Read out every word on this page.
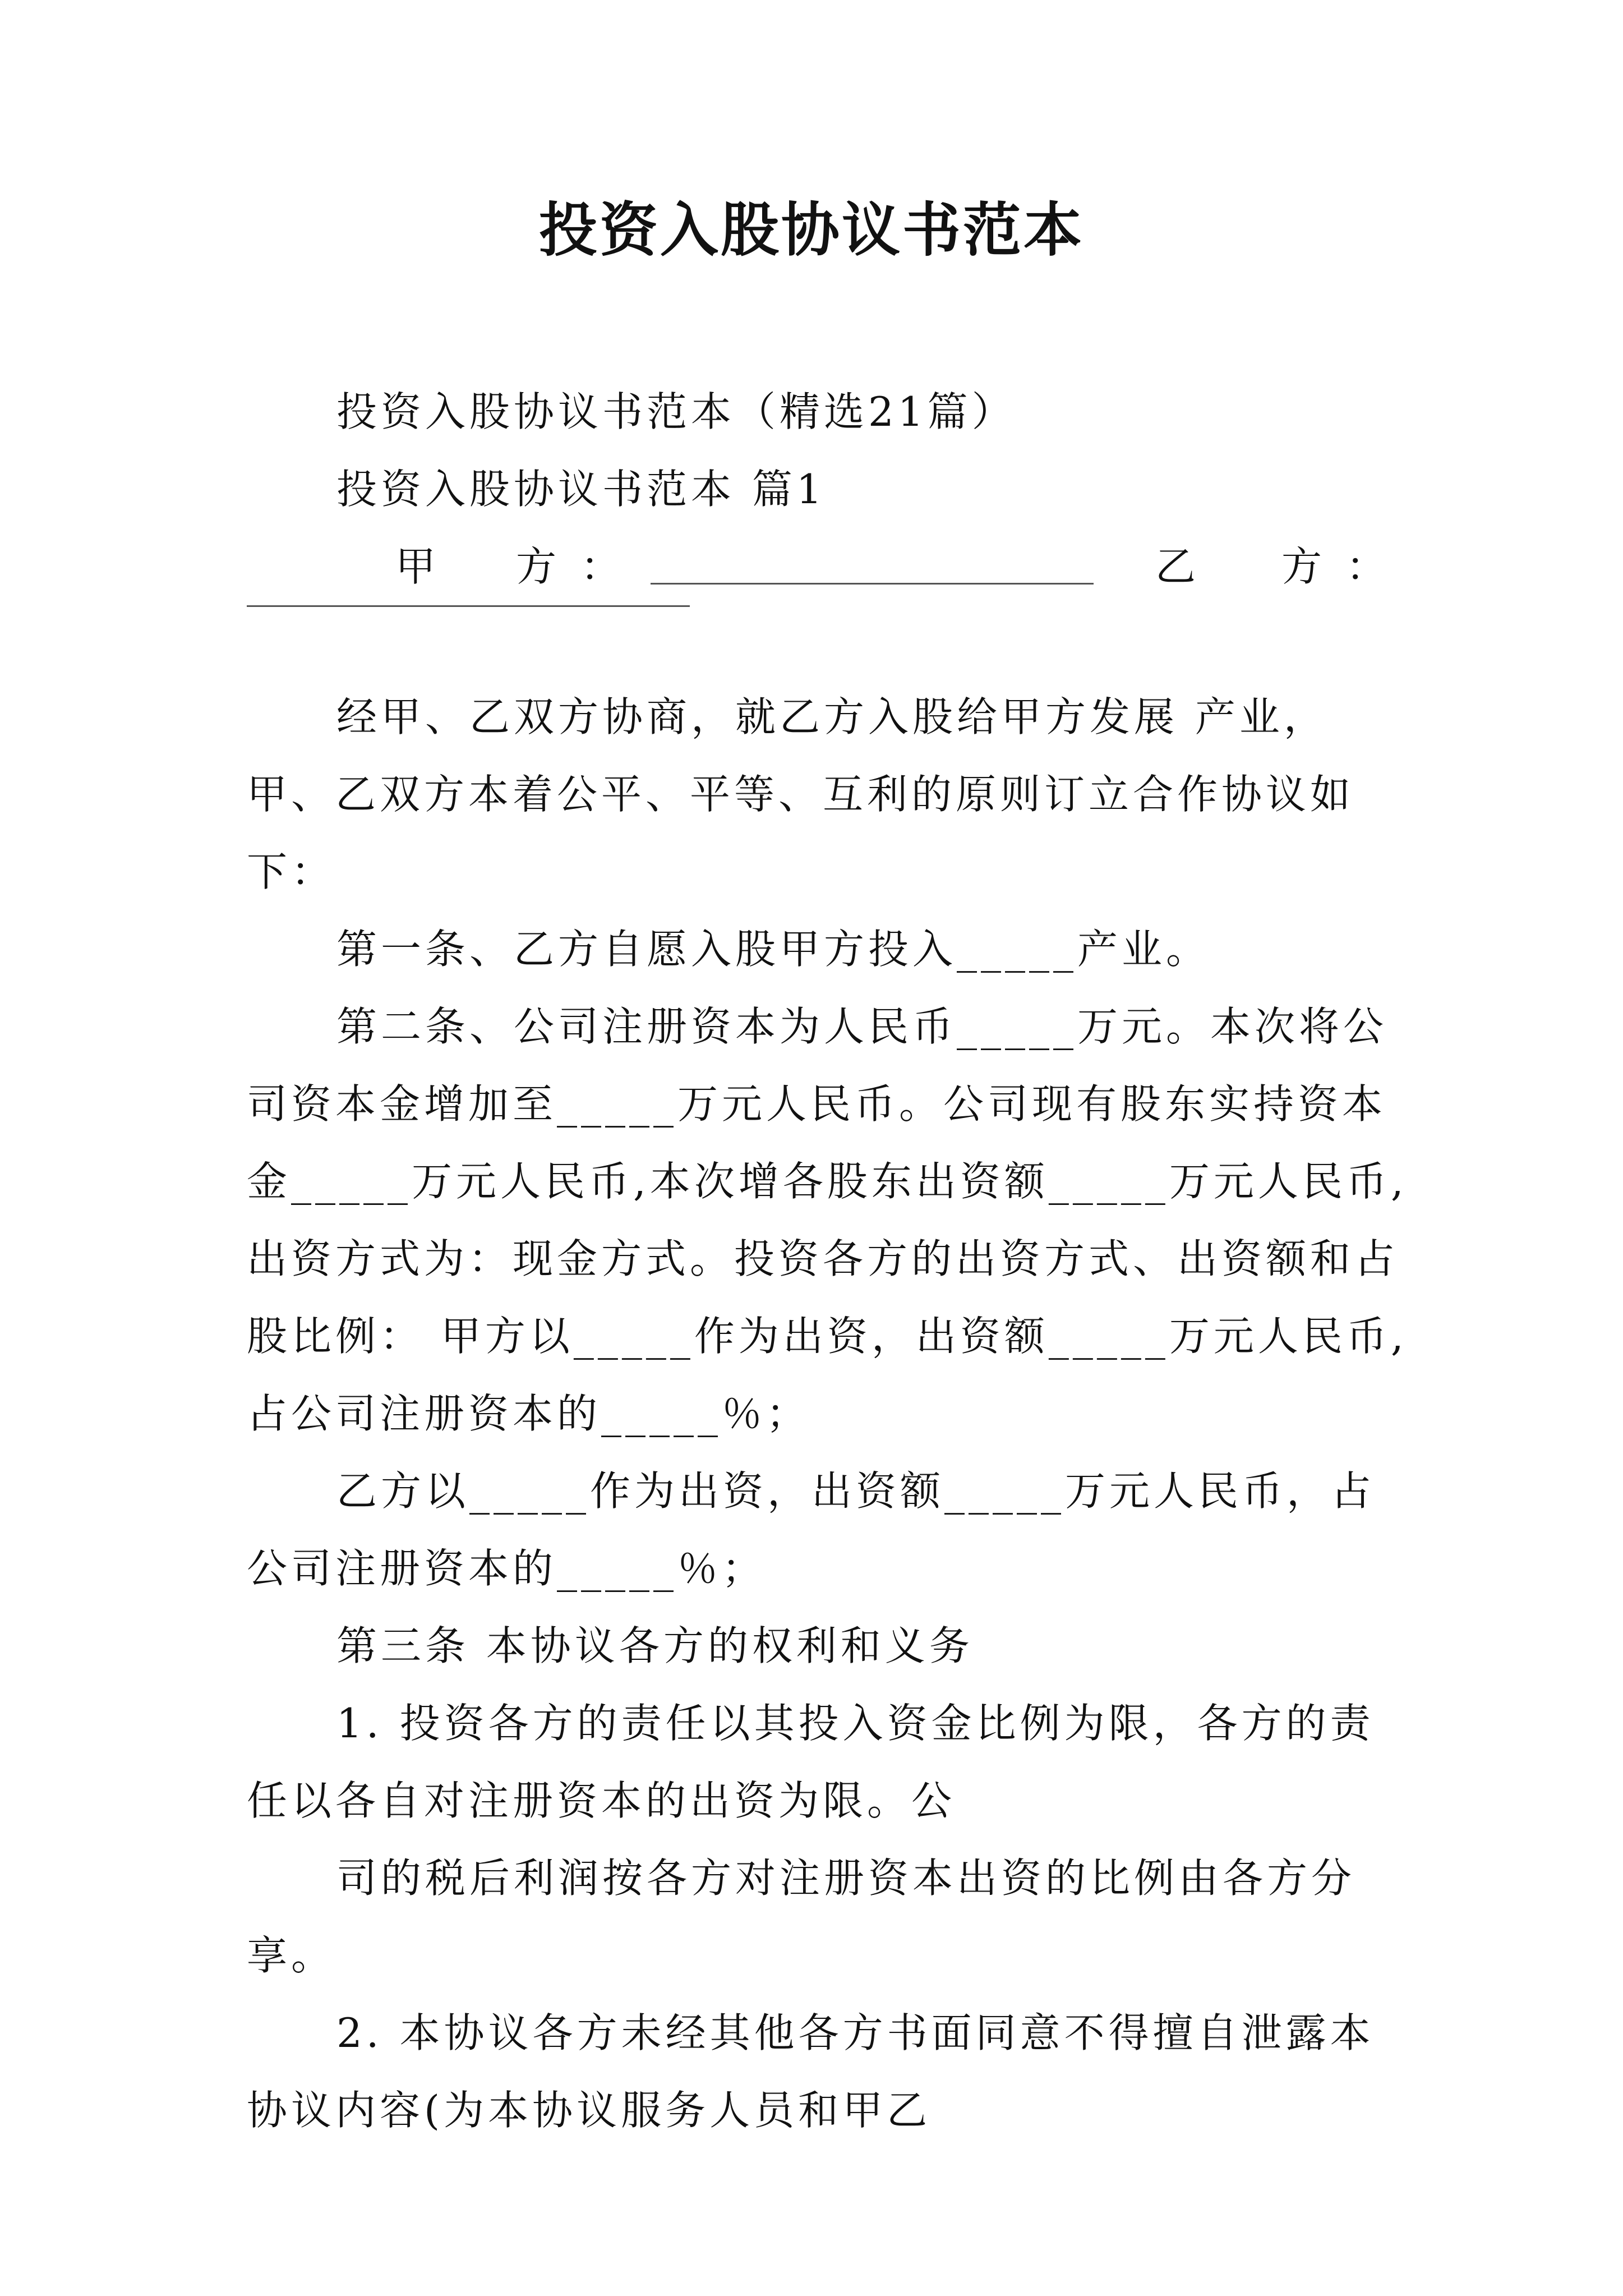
投资入股协议书范本

投资入股协议书范本（精选21篇）

投资入股协议书范本 篇1

甲 方 ：	乙 方 ：

经甲、乙双方协商，就乙方入股给甲方发展 产业，甲、乙双方本着公平、平等、互利的原则订立合作协议如下：

第一条、乙方自愿入股甲方投入_____产业。

第二条、公司注册资本为人民币_____万元。本次将公司资本金增加至_____万元人民币。公司现有股东实持资本金_____万元人民币,本次增各股东出资额_____万元人民币,出资方式为：现金方式。投资各方的出资方式、出资额和占股比例： 甲方以_____作为出资，出资额_____万元人民币,占公司注册资本的_____％；

乙方以_____作为出资，出资额_____万元人民币，占公司注册资本的_____％；

第三条 本协议各方的权利和义务

1. 投资各方的责任以其投入资金比例为限，各方的责任以各自对注册资本的出资为限。公

司的税后利润按各方对注册资本出资的比例由各方分享。

2. 本协议各方未经其他各方书面同意不得擅自泄露本协议内容(为本协议服务人员和甲乙
